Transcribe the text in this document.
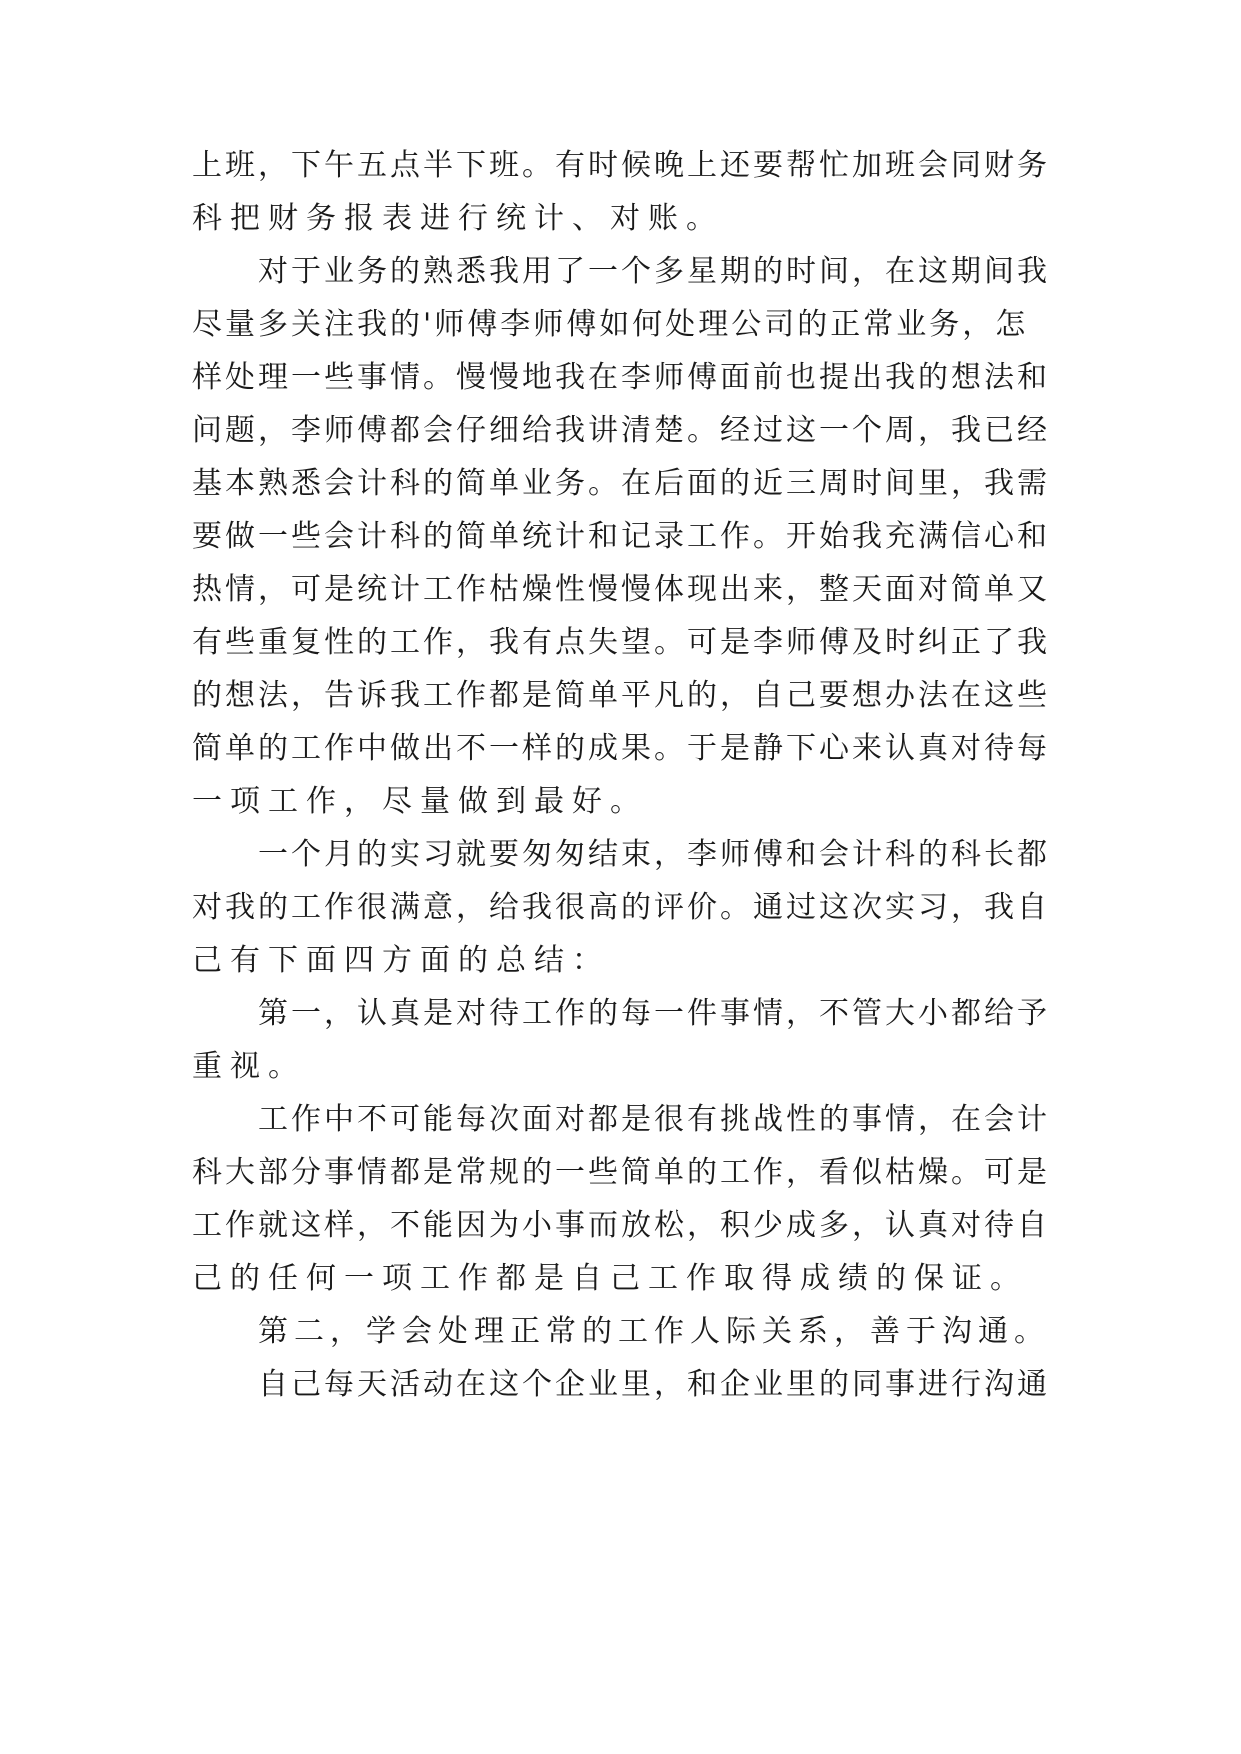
上班，下午五点半下班。有时候晚上还要帮忙加班会同财务
科把财务报表进行统计、对账。
对于业务的熟悉我用了一个多星期的时间，在这期间我
尽量多关注我的'师傅李师傅如何处理公司的正常业务，怎
样处理一些事情。慢慢地我在李师傅面前也提出我的想法和
问题，李师傅都会仔细给我讲清楚。经过这一个周，我已经
基本熟悉会计科的简单业务。在后面的近三周时间里，我需
要做一些会计科的简单统计和记录工作。开始我充满信心和
热情，可是统计工作枯燥性慢慢体现出来，整天面对简单又
有些重复性的工作，我有点失望。可是李师傅及时纠正了我
的想法，告诉我工作都是简单平凡的，自己要想办法在这些
简单的工作中做出不一样的成果。于是静下心来认真对待每
一项工作，尽量做到最好。
一个月的实习就要匆匆结束，李师傅和会计科的科长都
对我的工作很满意，给我很高的评价。通过这次实习，我自
己有下面四方面的总结：
第一，认真是对待工作的每一件事情，不管大小都给予
重视。
工作中不可能每次面对都是很有挑战性的事情，在会计
科大部分事情都是常规的一些简单的工作，看似枯燥。可是
工作就这样，不能因为小事而放松，积少成多，认真对待自
己的任何一项工作都是自己工作取得成绩的保证。
第二，学会处理正常的工作人际关系，善于沟通。
自己每天活动在这个企业里，和企业里的同事进行沟通
